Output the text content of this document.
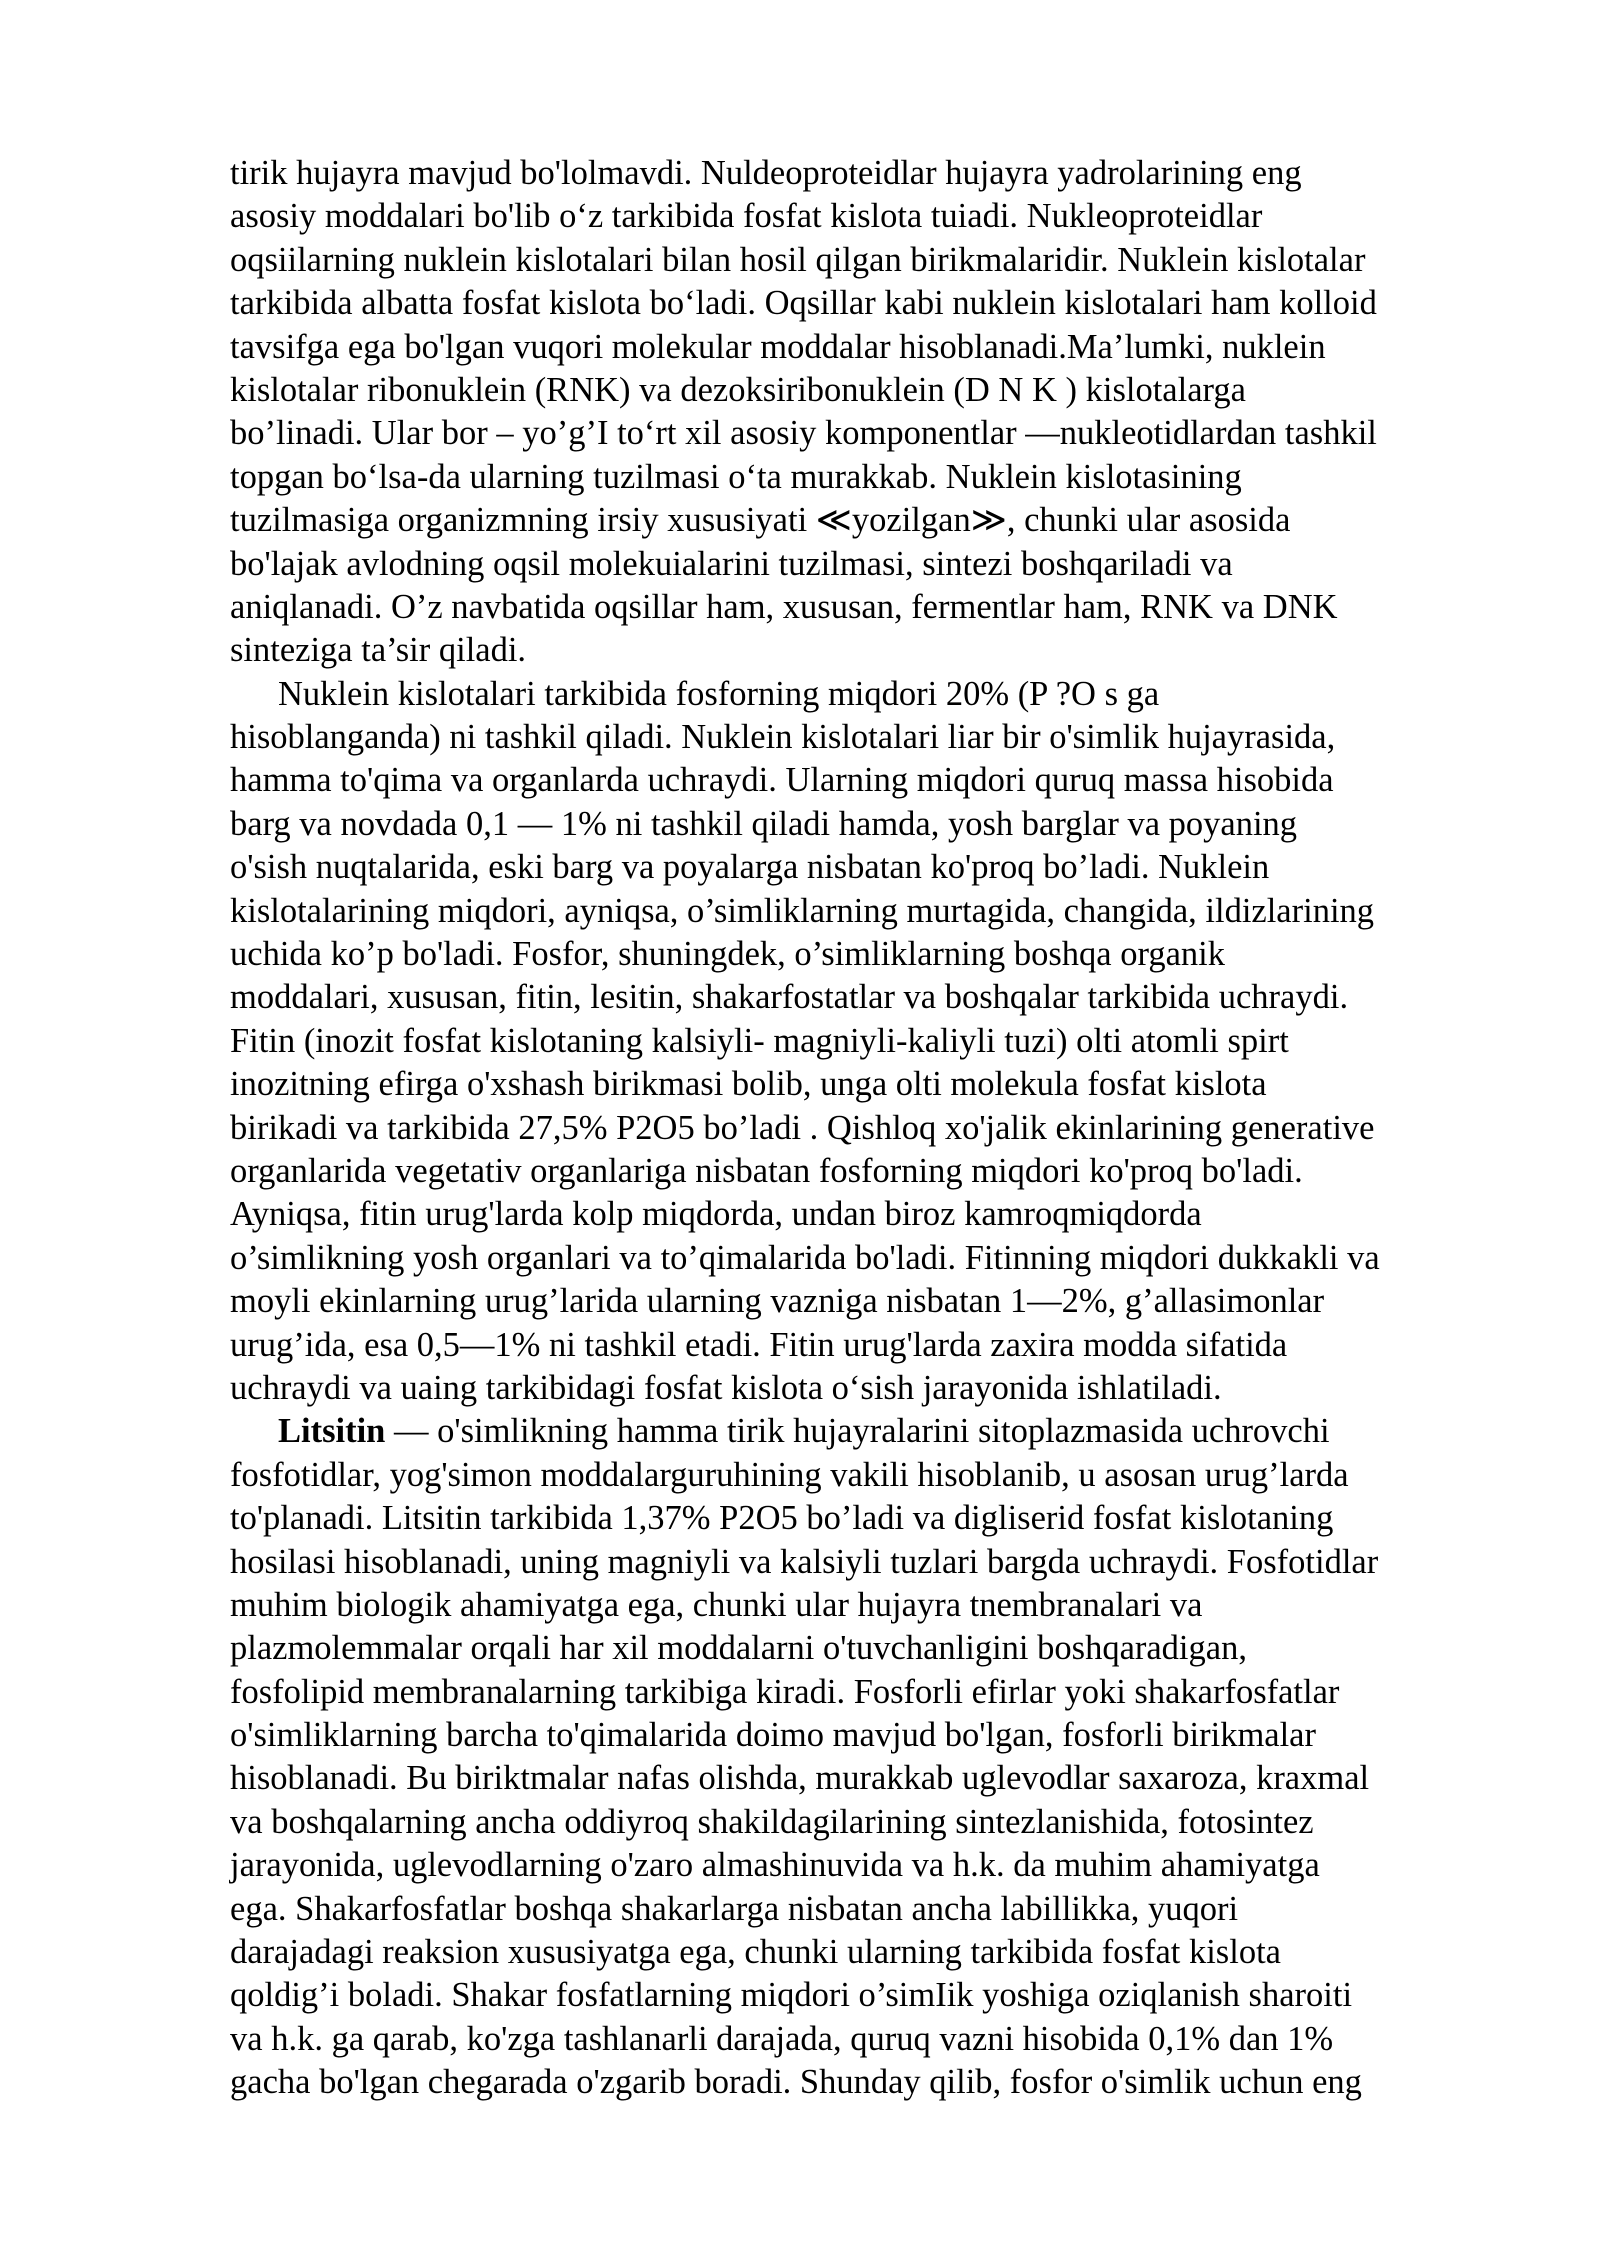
tirik hujayra mavjud bo'lolmavdi. Nuldeoproteidlar hujayra yadrolarining eng
asosiy moddalari bo'lib o‘z tarkibida fosfat kislota tuiadi. Nukleoproteidlar
oqsiilarning nuklein kislotalari bilan hosil qilgan birikmalaridir. Nuklein kislotalar
tarkibida albatta fosfat kislota bo‘ladi. Oqsillar kabi nuklein kislotalari ham kolloid
tavsifga ega bo'lgan vuqori molekular moddalar hisoblanadi.Ma’lumki, nuklein
kislotalar ribonuklein (RNK) va dezoksiribonuklein (D N K ) kislotalarga
bo’linadi. Ular bor – yo’g’I to‘rt xil asosiy komponentlar —nukleotidlardan tashkil
topgan bo‘lsa-da ularning tuzilmasi o‘ta murakkab. Nuklein kislotasining
tuzilmasiga organizmning irsiy xususiyati ≪yozilgan≫, chunki ular asosida
bo'lajak avlodning oqsil molekuialarini tuzilmasi, sintezi boshqariladi va
aniqlanadi. O’z navbatida oqsillar ham, xususan, fermentlar ham, RNK va DNK
sinteziga ta’sir qiladi.
Nuklein kislotalari tarkibida fosforning miqdori 20% (P ?O s ga
hisoblanganda) ni tashkil qiladi. Nuklein kislotalari liar bir o'simlik hujayrasida,
hamma to'qima va organlarda uchraydi. Ularning miqdori quruq massa hisobida
barg va novdada 0,1 — 1% ni tashkil qiladi hamda, yosh barglar va poyaning
o'sish nuqtalarida, eski barg va poyalarga nisbatan ko'proq bo’ladi. Nuklein
kislotalarining miqdori, ayniqsa, o’simliklarning murtagida, changida, ildizlarining
uchida ko’p bo'ladi. Fosfor, shuningdek, o’simliklarning boshqa organik
moddalari, xususan, fitin, lesitin, shakarfostatlar va boshqalar tarkibida uchraydi.
Fitin (inozit fosfat kislotaning kalsiyli- magniyli-kaliyli tuzi) olti atomli spirt
inozitning efirga o'xshash birikmasi bolib, unga olti molekula fosfat kislota
birikadi va tarkibida 27,5% P2O5 bo’ladi . Qishloq xo'jalik ekinlarining generative
organlarida vegetativ organlariga nisbatan fosforning miqdori ko'proq bo'ladi.
Ayniqsa, fitin urug'larda kolp miqdorda, undan biroz kamroqmiqdorda
o’simlikning yosh organlari va to’qimalarida bo'ladi. Fitinning miqdori dukkakli va
moyli ekinlarning urug’larida ularning vazniga nisbatan 1—2%, g’allasimonlar
urug’ida, esa 0,5—1% ni tashkil etadi. Fitin urug'larda zaxira modda sifatida
uchraydi va uaing tarkibidagi fosfat kislota o‘sish jarayonida ishlatiladi.
Litsitin — o'simlikning hamma tirik hujayralarini sitoplazmasida uchrovchi
fosfotidlar, yog'simon moddalarguruhining vakili hisoblanib, u asosan urug’larda
to'planadi. Litsitin tarkibida 1,37% P2O5 bo’ladi va digliserid fosfat kislotaning
hosilasi hisoblanadi, uning magniyli va kalsiyli tuzlari bargda uchraydi. Fosfotidlar
muhim biologik ahamiyatga ega, chunki ular hujayra tnembranalari va
plazmolemmalar orqali har xil moddalarni o'tuvchanligini boshqaradigan,
fosfolipid membranalarning tarkibiga kiradi. Fosforli efirlar yoki shakarfosfatlar
o'simliklarning barcha to'qimalarida doimo mavjud bo'lgan, fosforli birikmalar
hisoblanadi. Bu biriktmalar nafas olishda, murakkab uglevodlar saxaroza, kraxmal
va boshqalarning ancha oddiyroq shakildagilarining sintezlanishida, fotosintez
jarayonida, uglevodlarning o'zaro almashinuvida va h.k. da muhim ahamiyatga
ega. Shakarfosfatlar boshqa shakarlarga nisbatan ancha labillikka, yuqori
darajadagi reaksion xususiyatga ega, chunki ularning tarkibida fosfat kislota
qoldig’i boladi. Shakar fosfatlarning miqdori o’simIik yoshiga oziqlanish sharoiti
va h.k. ga qarab, ko'zga tashlanarli darajada, quruq vazni hisobida 0,1% dan 1%
gacha bo'lgan chegarada o'zgarib boradi. Shunday qilib, fosfor o'simlik uchun eng
